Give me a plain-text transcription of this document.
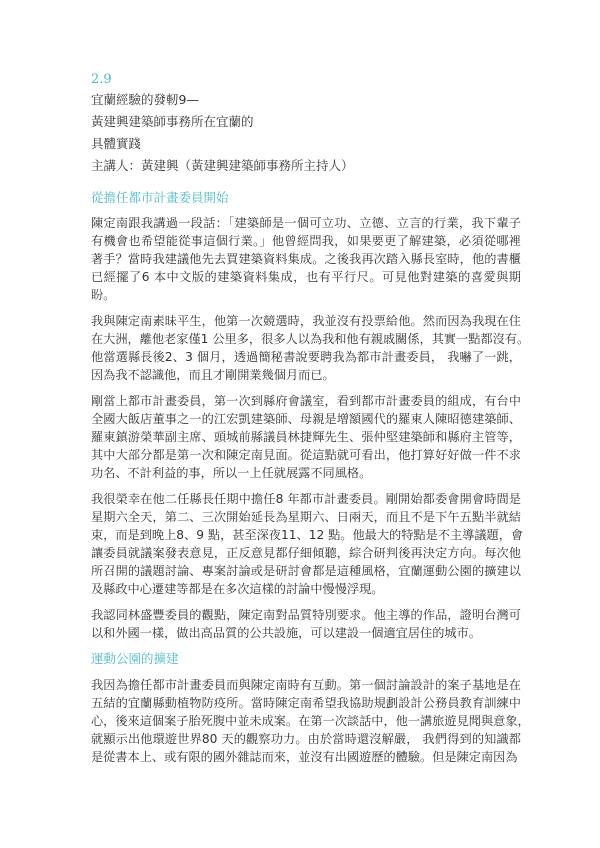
2.9
宜蘭經驗的發軔9—
黃建興建築師事務所在宜蘭的
具體實踐
主講人：黃建興（黃建興建築師事務所主持人）
從擔任都市計畫委員開始
陳定南跟我講過一段話：「建築師是一個可立功、立德、立言的行業，我下輩子
有機會也希望能從事這個行業。」他曾經問我，如果要更了解建築，必須從哪裡
著手？當時我建議他先去買建築資料集成。之後我再次踏入縣長室時，他的書櫃
已經擺了6 本中文版的建築資料集成，也有平行尺。可見他對建築的喜愛與期
盼。
我與陳定南素昧平生，他第一次競選時，我並沒有投票給他。然而因為我現在住
在大洲，離他老家僅1 公里多，很多人以為我和他有親戚關係，其實一點都沒有。
他當選縣長後2、3 個月，透過簡秘書說要聘我為都市計畫委員， 我嚇了一跳，
因為我不認識他，而且才剛開業幾個月而已。
剛當上都市計畫委員，第一次到縣府會議室，看到都市計畫委員的組成，有台中
全國大飯店董事之一的江宏凱建築師、母親是增額國代的羅東人陳昭德建築師、
羅東鎮游榮華副主席、頭城前縣議員林捷輝先生、張仲堅建築師和縣府主管等，
其中大部分都是第一次和陳定南見面。從這點就可看出，他打算好好做一件不求
功名、不計利益的事，所以一上任就展露不同風格。
我很榮幸在他二任縣長任期中擔任8 年都市計畫委員。剛開始都委會開會時間是
星期六全天，第二、三次開始延長為星期六、日兩天，而且不是下午五點半就結
束，而是到晚上8、9 點，甚至深夜11、12 點。他最大的特點是不主導議題，會
讓委員就議案發表意見，正反意見都仔細傾聽，綜合研判後再決定方向。每次他
所召開的議題討論、專案討論或是研討會都是這種風格，宜蘭運動公園的擴建以
及縣政中心遷建等都是在多次這樣的討論中慢慢浮現。
我認同林盛豐委員的觀點，陳定南對品質特別要求。他主導的作品，證明台灣可
以和外國一樣，做出高品質的公共設施，可以建設一個適宜居住的城市。
運動公園的擴建
我因為擔任都市計畫委員而與陳定南時有互動。第一個討論設計的案子基地是在
五結的宜蘭縣動植物防疫所。當時陳定南希望我協助規劃設計公務員教育訓練中
心，後來這個案子胎死腹中並未成案。在第一次談話中，他一講旅遊見聞與意象，
就顯示出他環遊世界80 天的觀察功力。由於當時還沒解嚴， 我們得到的知識都
是從書本上、或有限的國外雜誌而來，並沒有出國遊歷的體驗。但是陳定南因為
